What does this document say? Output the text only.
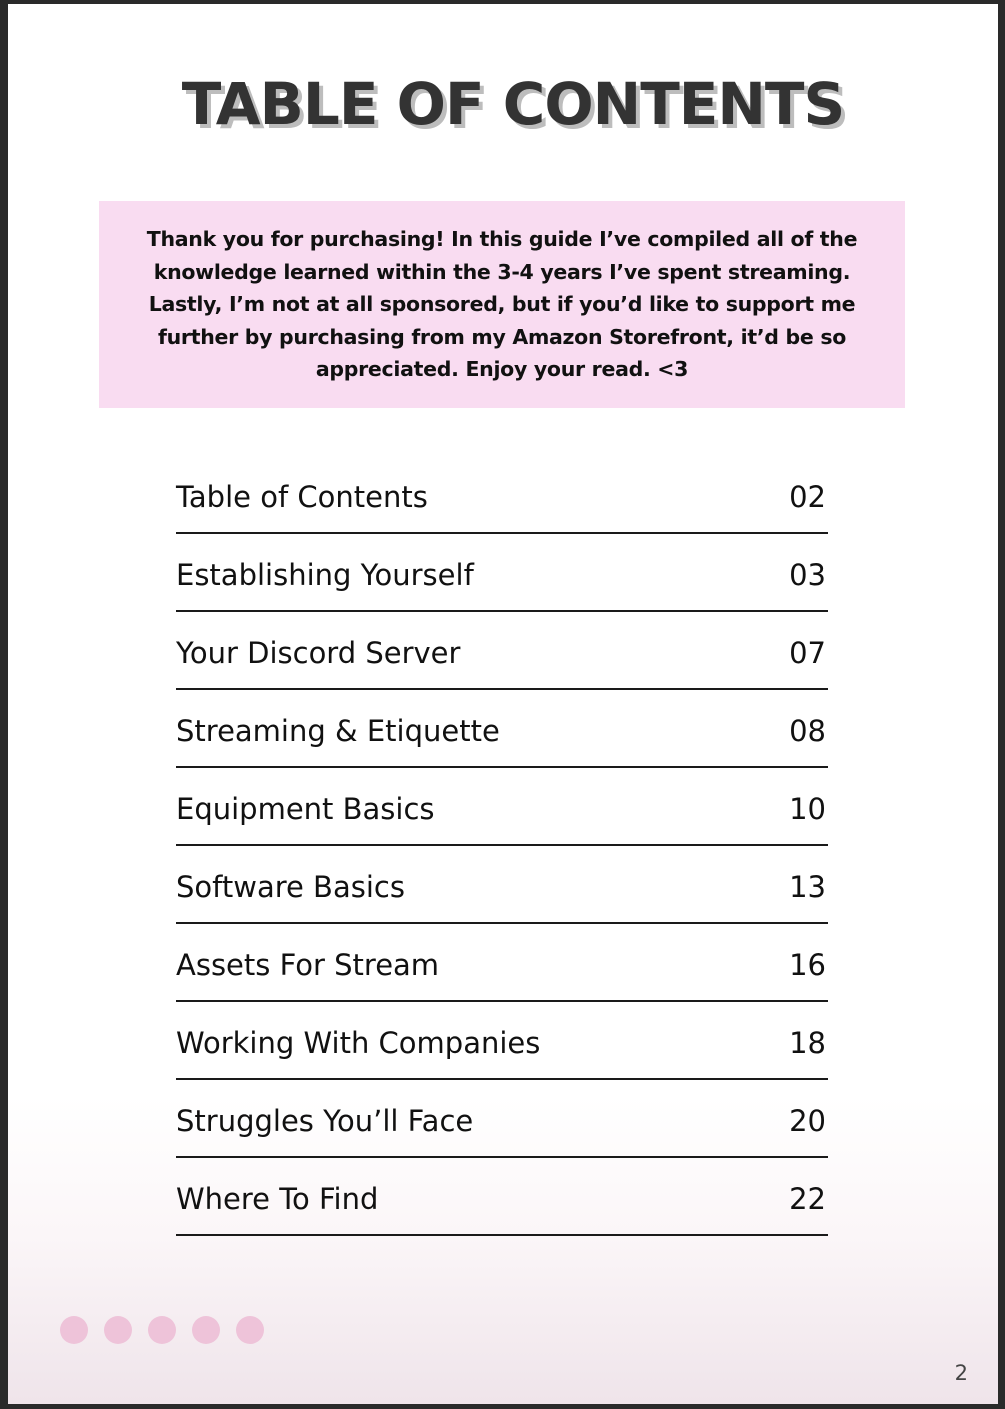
TABLE OF CONTENTS

Thank you for purchasing! In this guide I’ve compiled all of the knowledge learned within the 3-4 years I’ve spent streaming. Lastly, I’m not at all sponsored, but if you’d like to support me further by purchasing from my Amazon Storefront, it’d be so appreciated. Enjoy your read. <3

Table of Contents	02
Establishing Yourself	03
Your Discord Server	07
Streaming & Etiquette	08
Equipment Basics	10
Software Basics	13
Assets For Stream	16
Working With Companies	18
Struggles You’ll Face	20
Where To Find	22
2
